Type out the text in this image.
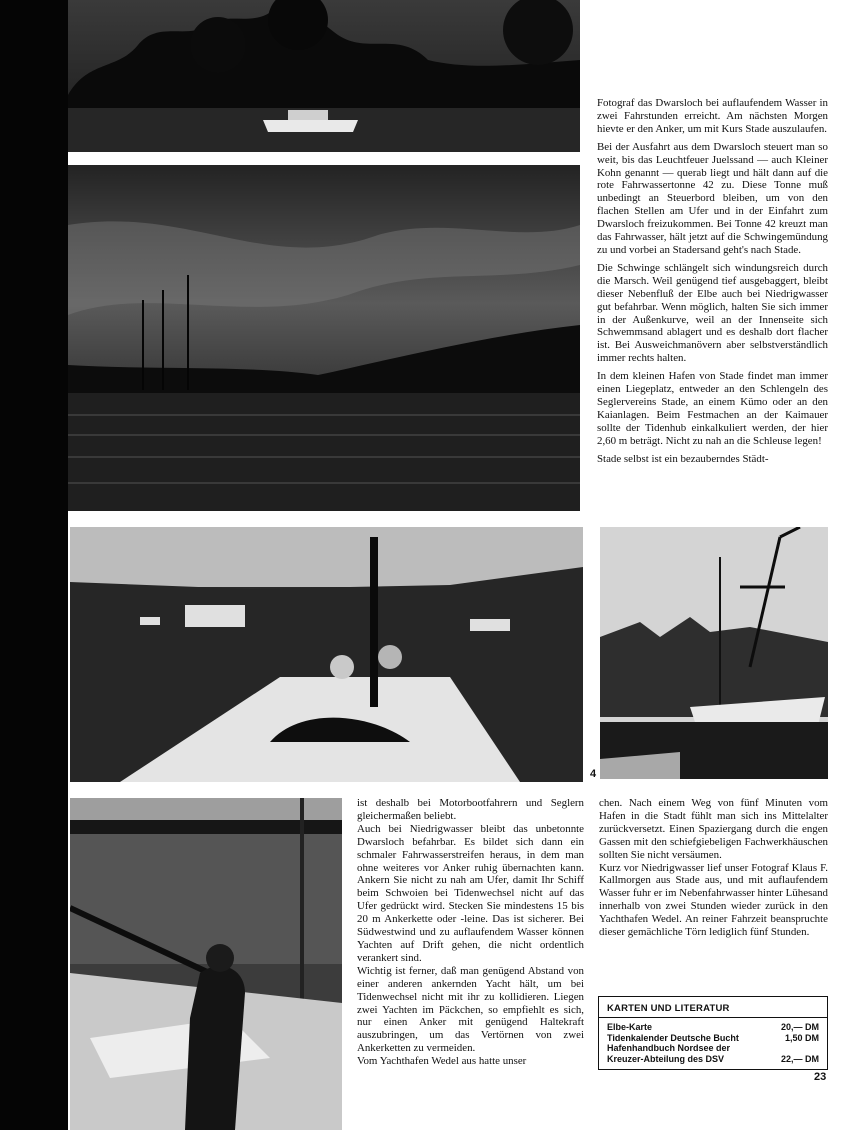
4

Fotograf das Dwarsloch bei auflaufendem Wasser in zwei Fahrstunden erreicht. Am nächsten Morgen hievte er den Anker, um mit Kurs Stade auszulaufen.

Bei der Ausfahrt aus dem Dwarsloch steuert man so weit, bis das Leuchtfeuer Juelssand — auch Kleiner Kohn genannt — querab liegt und hält dann auf die rote Fahrwassertonne 42 zu. Diese Tonne muß unbedingt an Steuerbord bleiben, um von den flachen Stellen am Ufer und in der Einfahrt zum Dwarsloch freizukommen. Bei Tonne 42 kreuzt man das Fahrwasser, hält jetzt auf die Schwingemündung zu und vorbei an Stadersand geht's nach Stade.

Die Schwinge schlängelt sich windungsreich durch die Marsch. Weil genügend tief ausgebaggert, bleibt dieser Nebenfluß der Elbe auch bei Niedrigwasser gut befahrbar. Wenn möglich, halten Sie sich immer in der Außenkurve, weil an der Innenseite sich Schwemmsand ablagert und es deshalb dort flacher ist. Bei Ausweichmanövern aber selbstverständlich immer rechts halten.

In dem kleinen Hafen von Stade findet man immer einen Liegeplatz, entweder an den Schlengeln des Seglervereins Stade, an einem Kümo oder an den Kaianlagen. Beim Festmachen an der Kaimauer sollte der Tidenhub einkalkuliert werden, der hier 2,60 m beträgt. Nicht zu nah an die Schleuse legen!

Stade selbst ist ein bezauberndes Städt-

ist deshalb bei Motorbootfahrern und Seglern gleichermaßen beliebt.

Auch bei Niedrigwasser bleibt das unbetonnte Dwarsloch befahrbar. Es bildet sich dann ein schmaler Fahrwasserstreifen heraus, in dem man ohne weiteres vor Anker ruhig übernachten kann. Ankern Sie nicht zu nah am Ufer, damit Ihr Schiff beim Schwoien bei Tidenwechsel nicht auf das Ufer gedrückt wird. Stecken Sie mindestens 15 bis 20 m Ankerkette oder -leine. Das ist sicherer. Bei Südwestwind und zu auflaufendem Wasser können Yachten auf Drift gehen, die nicht ordentlich verankert sind.

Wichtig ist ferner, daß man genügend Abstand von einer anderen ankernden Yacht hält, um bei Tidenwechsel nicht mit ihr zu kollidieren. Liegen zwei Yachten im Päckchen, so empfiehlt es sich, nur einen Anker mit genügend Haltekraft auszubringen, um das Vertörnen von zwei Ankerketten zu vermeiden.

Vom Yachthafen Wedel aus hatte unser

chen. Nach einem Weg von fünf Minuten vom Hafen in die Stadt fühlt man sich ins Mittelalter zurückversetzt. Einen Spaziergang durch die engen Gassen mit den schiefgiebeligen Fachwerkhäuschen sollten Sie nicht versäumen.

Kurz vor Niedrigwasser lief unser Fotograf Klaus F. Kallmorgen aus Stade aus, und mit auflaufendem Wasser fuhr er im Nebenfahrwasser hinter Lühesand innerhalb von zwei Stunden wieder zurück in den Yachthafen Wedel. An reiner Fahrzeit beanspruchte dieser gemächliche Törn lediglich fünf Stunden.

KARTEN UND LITERATUR
Elbe-Karte	20,— DM
Tidenkalender Deutsche Bucht	1,50 DM
Hafenhandbuch Nordsee der
Kreuzer-Abteilung des DSV	22,— DM
23
